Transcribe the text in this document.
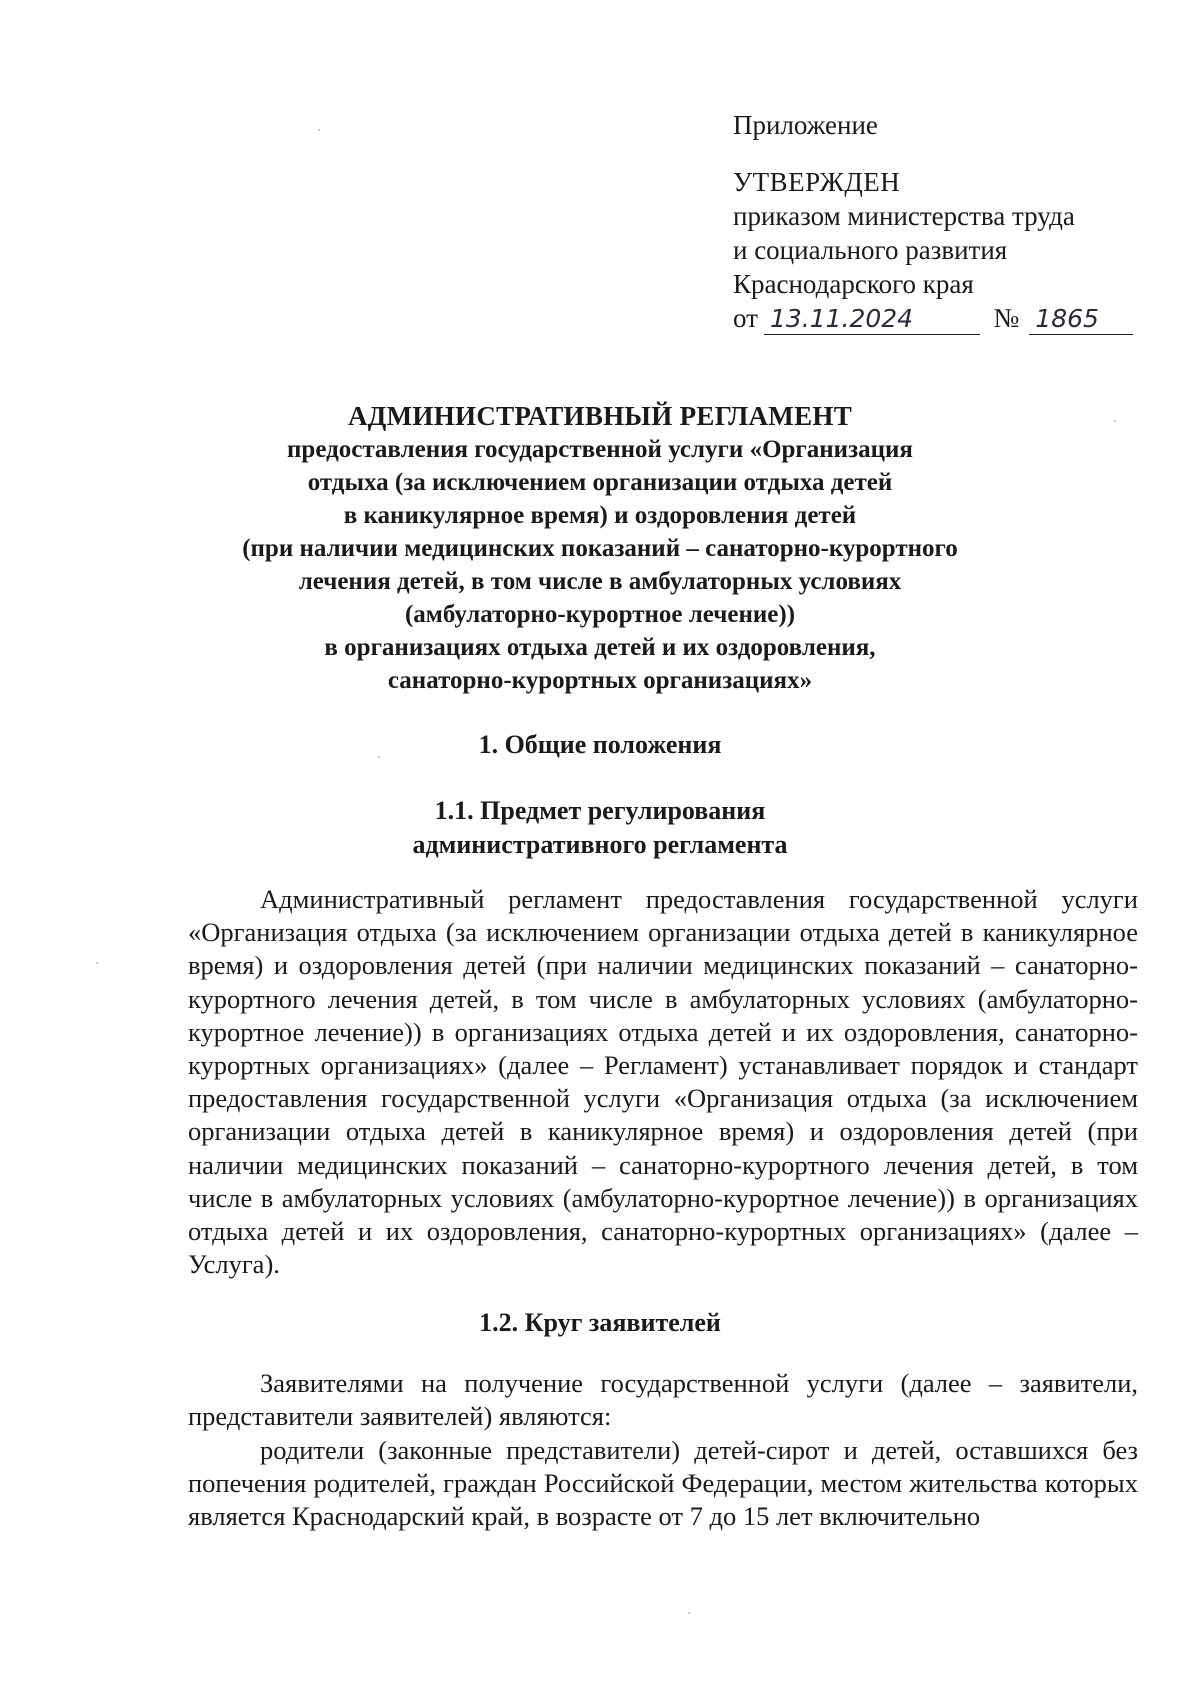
Приложение
УТВЕРЖДЕН
приказом министерства труда
и социального развития
Краснодарского края
от 13.11.2024	№ 1865
АДМИНИСТРАТИВНЫЙ РЕГЛАМЕНТ
предоставления государственной услуги «Организация
отдыха (за исключением организации отдыха детей
в каникулярное время) и оздоровления детей
(при наличии медицинских показаний – санаторно-курортного
лечения детей, в том числе в амбулаторных условиях
(амбулаторно-курортное лечение))
в организациях отдыха детей и их оздоровления,
санаторно-курортных организациях»
1. Общие положения
1.1. Предмет регулирования
административного регламента
Административный регламент предоставления государственной услуги «Организация отдыха (за исключением организации отдыха детей в каникулярное время) и оздоровления детей (при наличии медицинских показаний – санаторно-курортного лечения детей, в том числе в амбулаторных условиях (амбулаторно-курортное лечение)) в организациях отдыха детей и их оздоровления, санаторно-курортных организациях» (далее – Регламент) устанавливает порядок и стандарт предоставления государственной услуги «Организация отдыха (за исключением организации отдыха детей в каникулярное время) и оздоровления детей (при наличии медицинских показаний – санаторно-курортного лечения детей, в том числе в амбулаторных условиях (амбулаторно-курортное лечение)) в организациях отдыха детей и их оздоровления, санаторно-курортных организациях» (далее – Услуга).
1.2. Круг заявителей
Заявителями на получение государственной услуги (далее – заявители, представители заявителей) являются:
родители (законные представители) детей-сирот и детей, оставшихся без попечения родителей, граждан Российской Федерации, местом жительства которых является Краснодарский край, в возрасте от 7 до 15 лет включительно
